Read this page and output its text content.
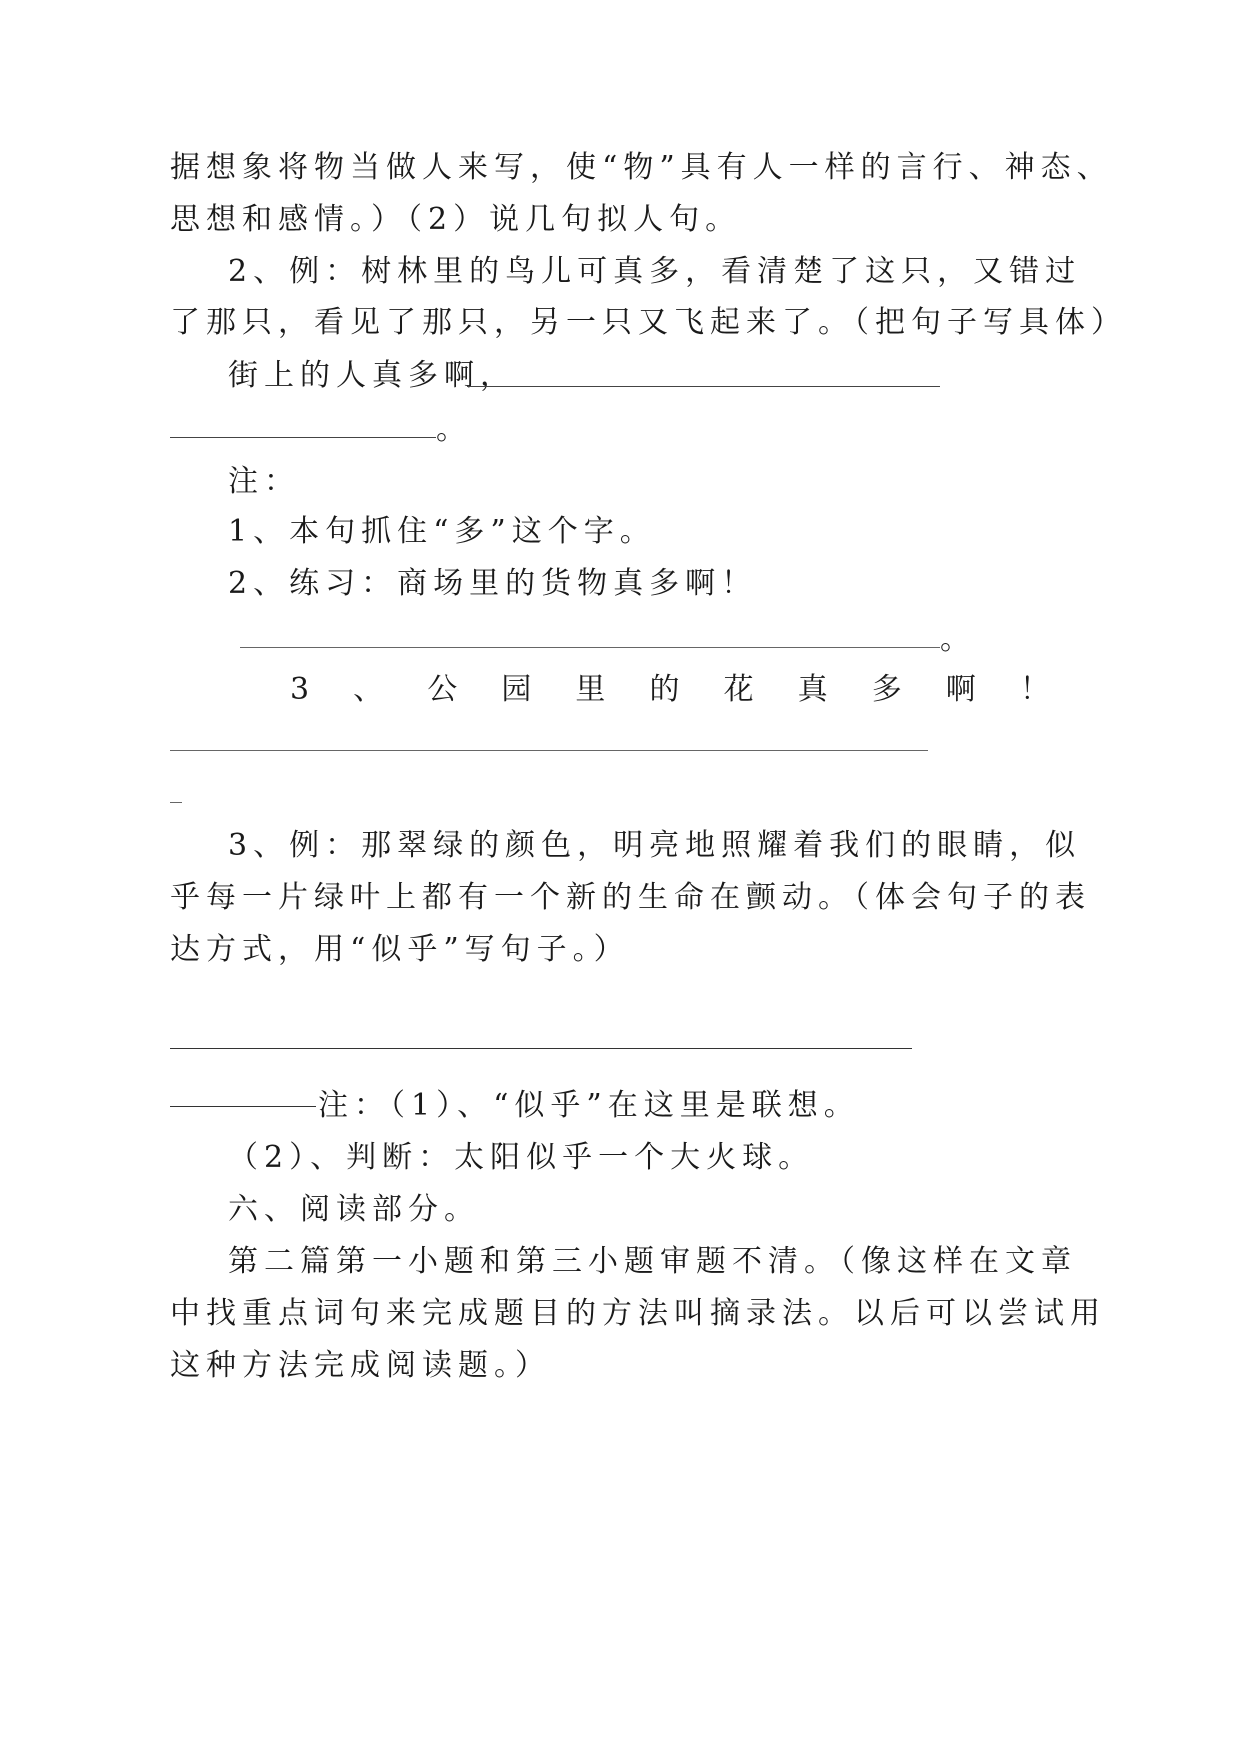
据想象将物当做人来写，使“物”具有人一样的言行、神态、
思想和感情。）（2）说几句拟人句。
2、例：树林里的鸟儿可真多，看清楚了这只，又错过
了那只，看见了那只，另一只又飞起来了。（把句子写具体）
街上的人真多啊，
。
注：
1、本句抓住“多”这个字。
2、练习：商场里的货物真多啊！
。
3 、 公 园 里 的 花 真 多 啊 ！
3、例：那翠绿的颜色，明亮地照耀着我们的眼睛，似
乎每一片绿叶上都有一个新的生命在颤动。（体会句子的表
达方式，用“似乎”写句子。）
注：（1）、“似乎”在这里是联想。
（2）、判断：太阳似乎一个大火球。
六、阅读部分。
第二篇第一小题和第三小题审题不清。（像这样在文章
中找重点词句来完成题目的方法叫摘录法。以后可以尝试用
这种方法完成阅读题。）
